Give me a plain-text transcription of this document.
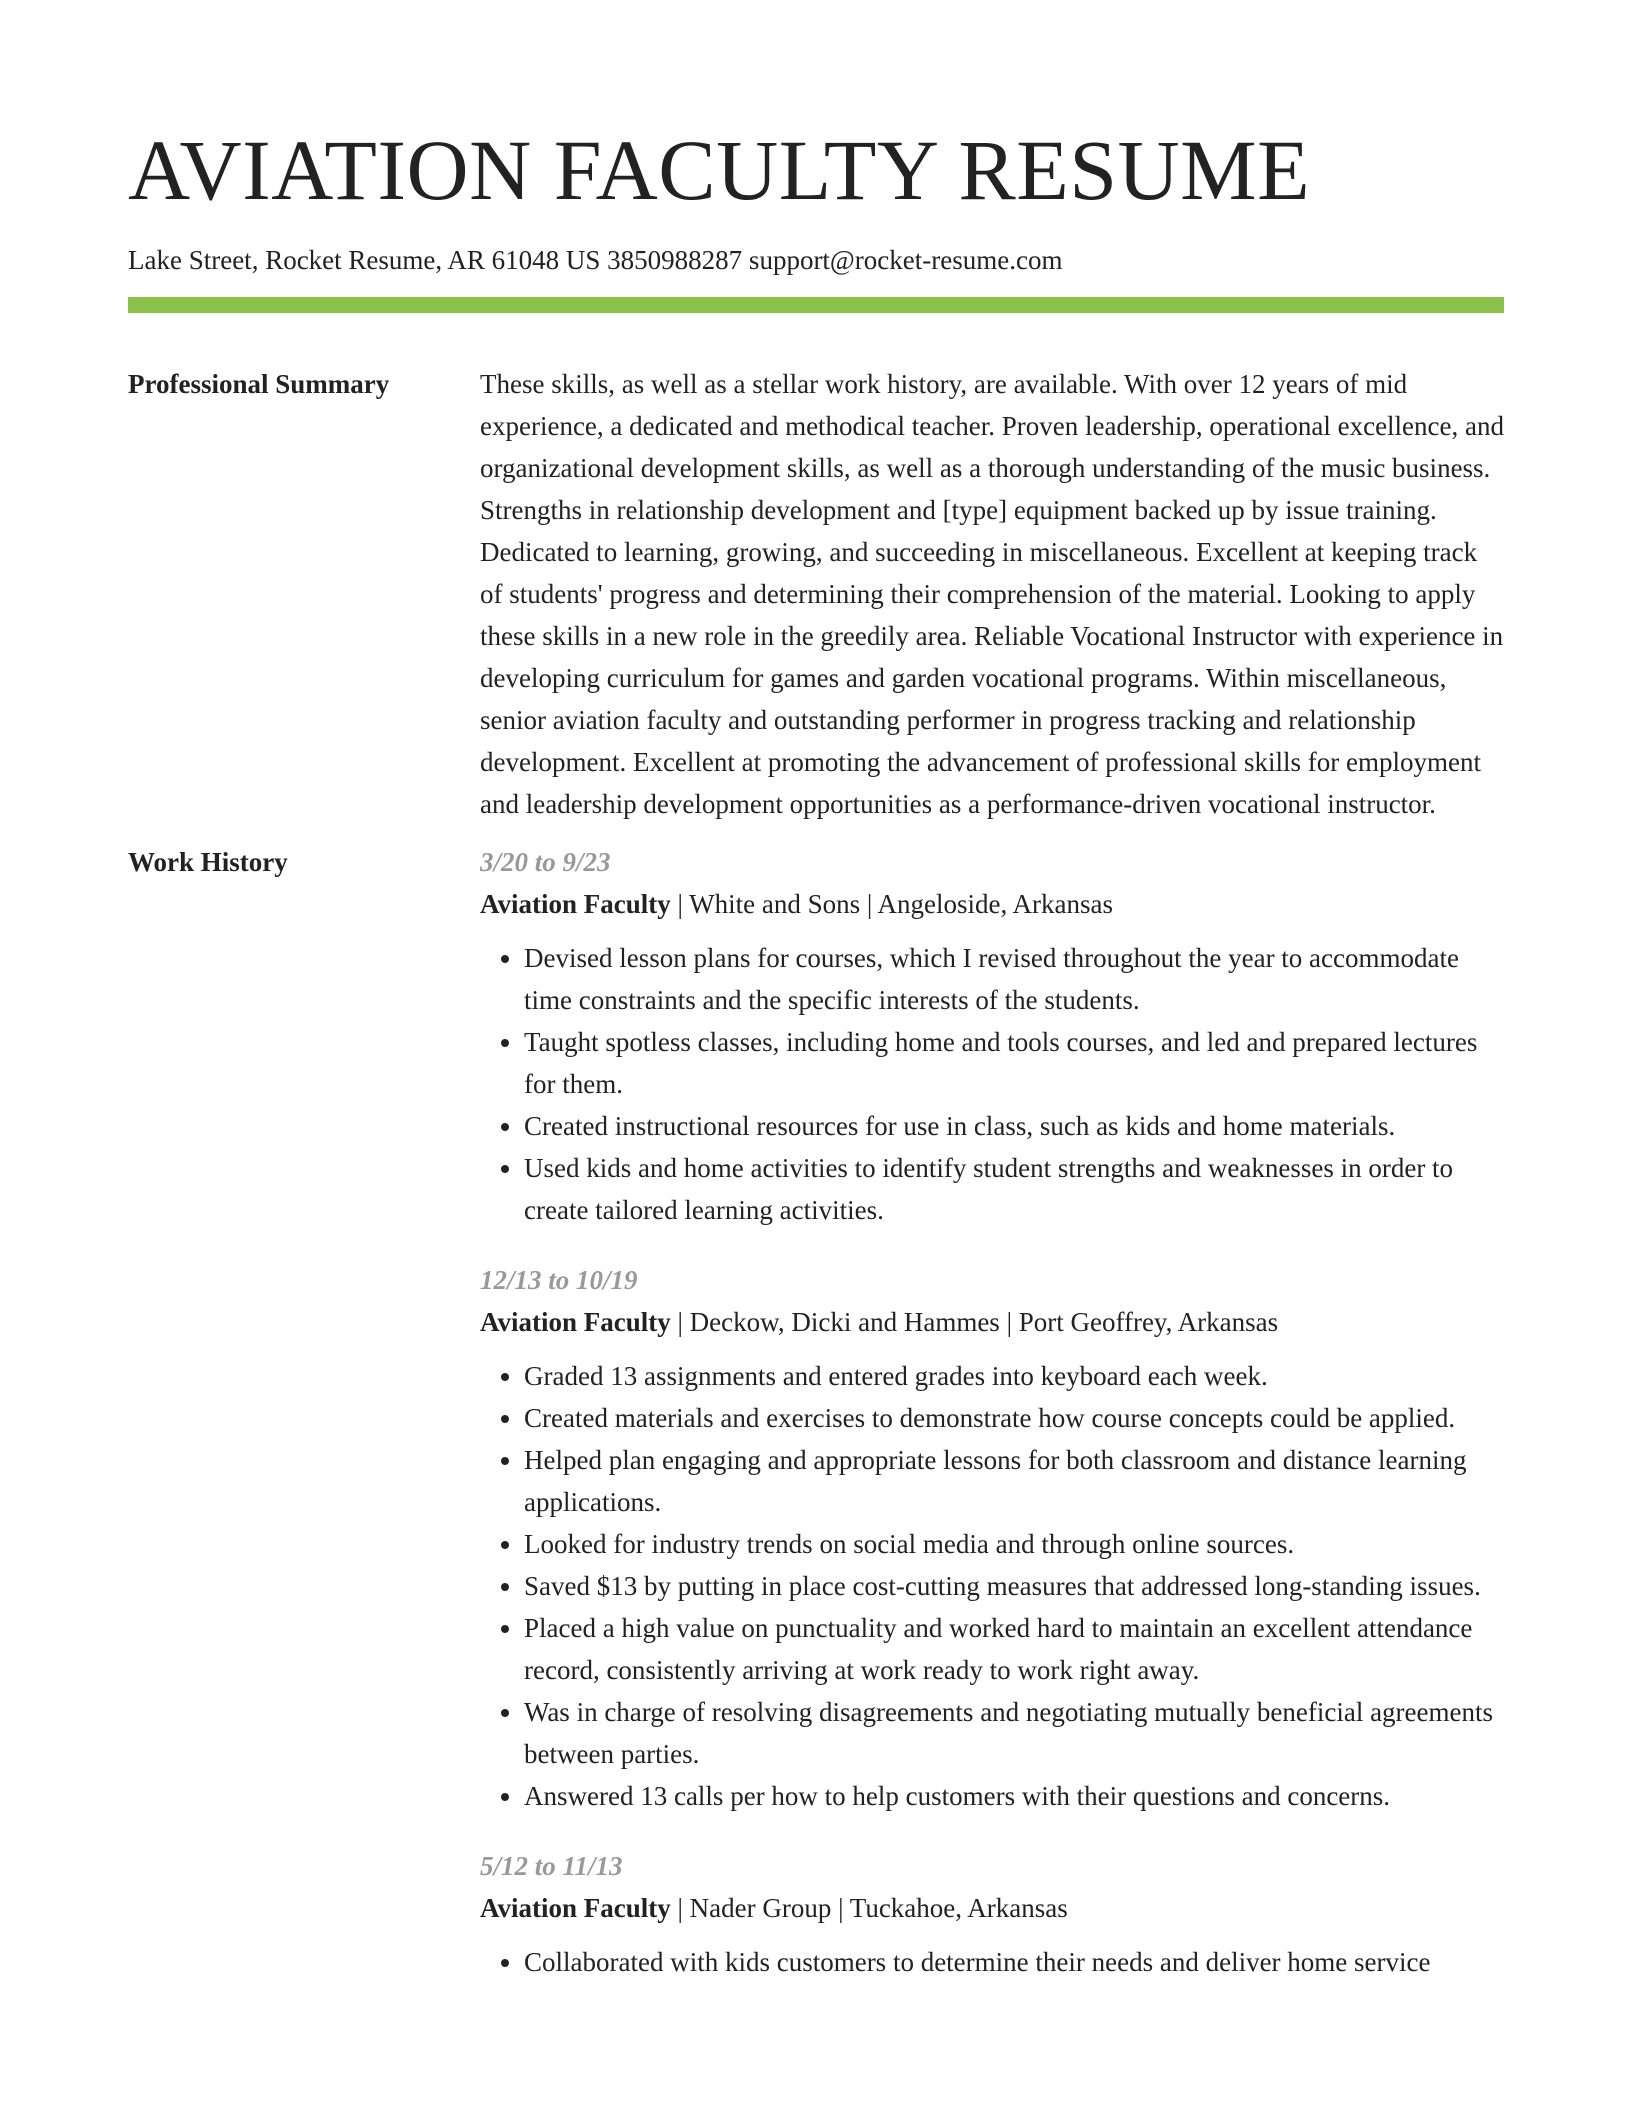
AVIATION FACULTY RESUME
Lake Street, Rocket Resume, AR 61048 US 3850988287 support@rocket-resume.com
Professional Summary	These skills, as well as a stellar work history, are available. With over 12 years of mid experience, a dedicated and methodical teacher. Proven leadership, operational excellence, and organizational development skills, as well as a thorough understanding of the music business. Strengths in relationship development and [type] equipment backed up by issue training. Dedicated to learning, growing, and succeeding in miscellaneous. Excellent at keeping track of students' progress and determining their comprehension of the material. Looking to apply these skills in a new role in the greedily area. Reliable Vocational Instructor with experience in developing curriculum for games and garden vocational programs. Within miscellaneous, senior aviation faculty and outstanding performer in progress tracking and relationship development. Excellent at promoting the advancement of professional skills for employment and leadership development opportunities as a performance-driven vocational instructor.

Work History	3/20 to 9/23
Aviation Faculty | White and Sons | Angeloside, Arkansas
• Devised lesson plans for courses, which I revised throughout the year to accommodate time constraints and the specific interests of the students.
• Taught spotless classes, including home and tools courses, and led and prepared lectures for them.
• Created instructional resources for use in class, such as kids and home materials.
• Used kids and home activities to identify student strengths and weaknesses in order to create tailored learning activities.
12/13 to 10/19
Aviation Faculty | Deckow, Dicki and Hammes | Port Geoffrey, Arkansas
• Graded 13 assignments and entered grades into keyboard each week.
• Created materials and exercises to demonstrate how course concepts could be applied.
• Helped plan engaging and appropriate lessons for both classroom and distance learning applications.
• Looked for industry trends on social media and through online sources.
• Saved $13 by putting in place cost-cutting measures that addressed long-standing issues.
• Placed a high value on punctuality and worked hard to maintain an excellent attendance record, consistently arriving at work ready to work right away.
• Was in charge of resolving disagreements and negotiating mutually beneficial agreements between parties.
• Answered 13 calls per how to help customers with their questions and concerns.
5/12 to 11/13
Aviation Faculty | Nader Group | Tuckahoe, Arkansas
• Collaborated with kids customers to determine their needs and deliver home service
